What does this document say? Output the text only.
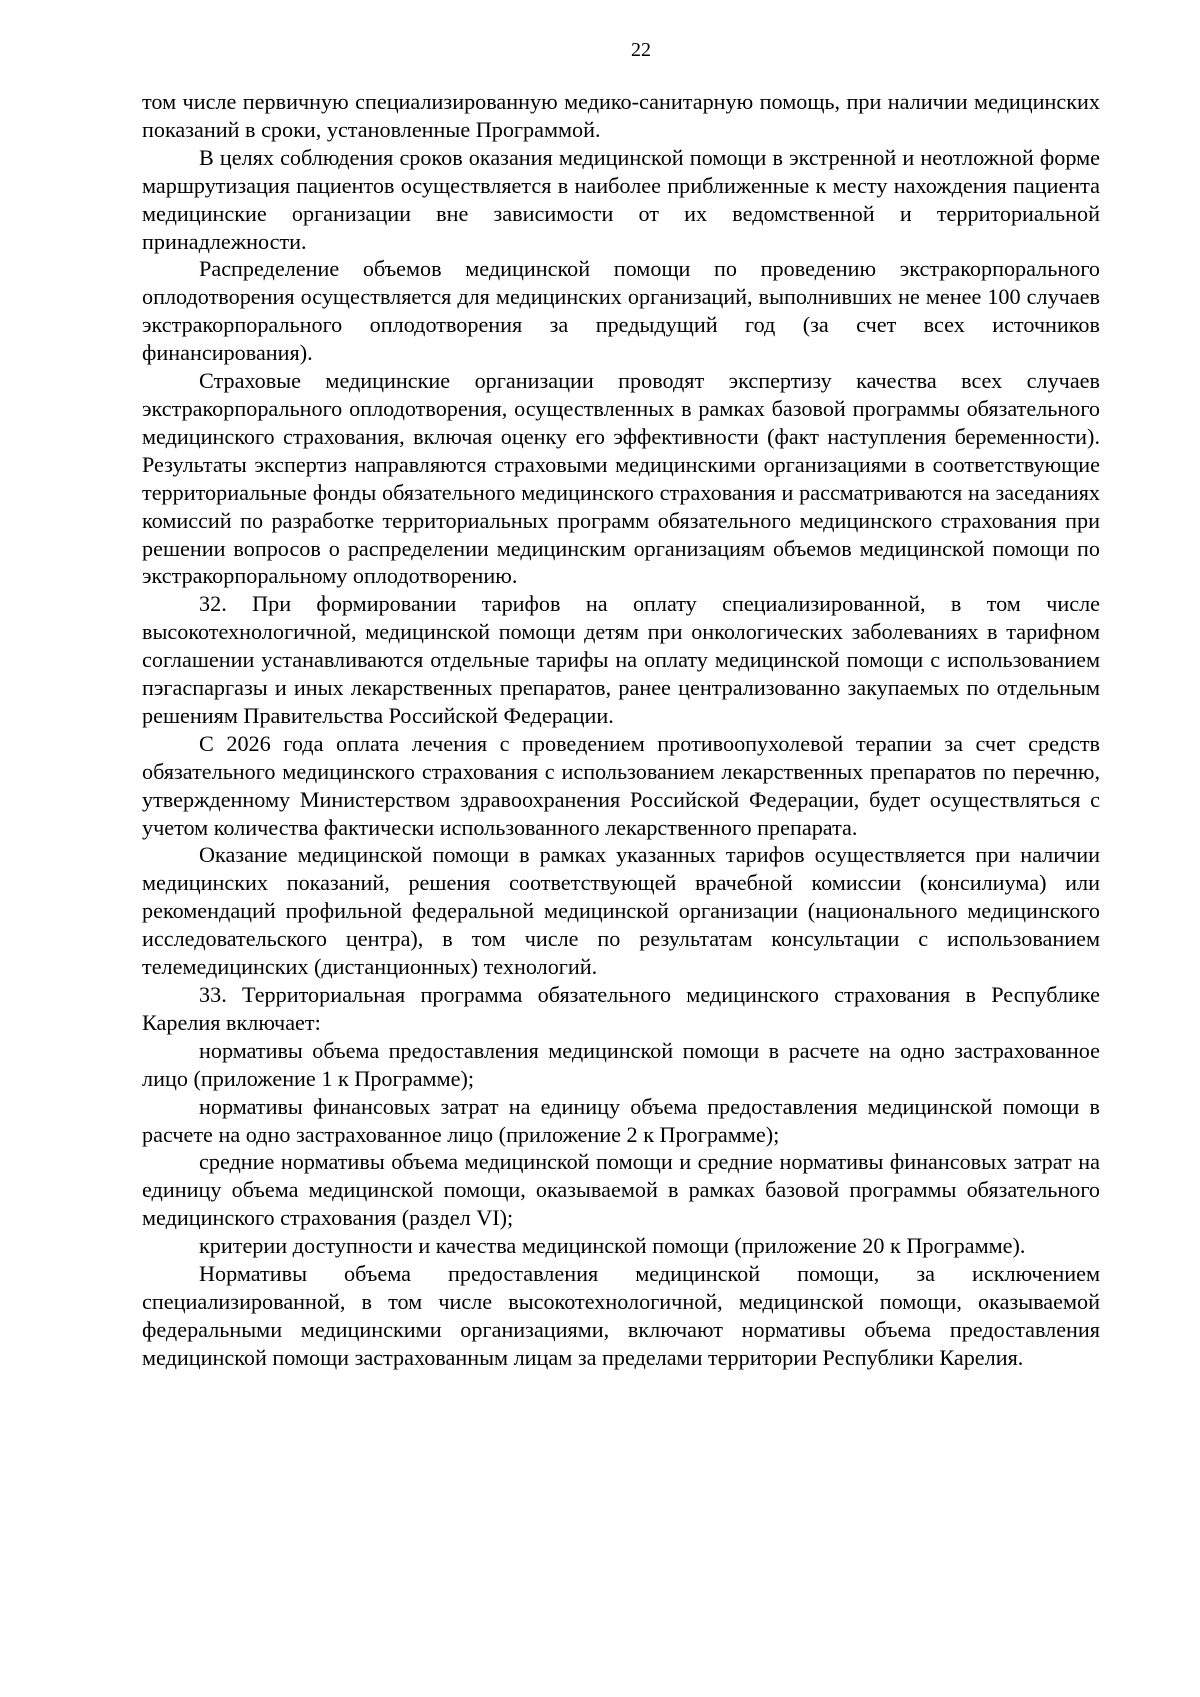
22

том числе первичную специализированную медико-санитарную помощь, при наличии медицинских показаний в сроки, установленные Программой.

В целях соблюдения сроков оказания медицинской помощи в экстренной и неотложной форме маршрутизация пациентов осуществляется в наиболее приближенные к месту нахождения пациента медицинские организации вне зависимости от их ведомственной и территориальной принадлежности.

Распределение объемов медицинской помощи по проведению экстракорпорального оплодотворения осуществляется для медицинских организаций, выполнивших не менее 100 случаев экстракорпорального оплодотворения за предыдущий год (за счет всех источников финансирования).

Страховые медицинские организации проводят экспертизу качества всех случаев экстракорпорального оплодотворения, осуществленных в рамках базовой программы обязательного медицинского страхования, включая оценку его эффективности (факт наступления беременности). Результаты экспертиз направляются страховыми медицинскими организациями в соответствующие территориальные фонды обязательного медицинского страхования и рассматриваются на заседаниях комиссий по разработке территориальных программ обязательного медицинского страхования при решении вопросов о распределении медицинским организациям объемов медицинской помощи по экстракорпоральному оплодотворению.

32. При формировании тарифов на оплату специализированной, в том числе высокотехнологичной, медицинской помощи детям при онкологических заболеваниях в тарифном соглашении устанавливаются отдельные тарифы на оплату медицинской помощи с использованием пэгаспаргазы и иных лекарственных препаратов, ранее централизованно закупаемых по отдельным решениям Правительства Российской Федерации.

С 2026 года оплата лечения с проведением противоопухолевой терапии за счет средств обязательного медицинского страхования с использованием лекарственных препаратов по перечню, утвержденному Министерством здравоохранения Российской Федерации, будет осуществляться с учетом количества фактически использованного лекарственного препарата.

Оказание медицинской помощи в рамках указанных тарифов осуществляется при наличии медицинских показаний, решения соответствующей врачебной комиссии (консилиума) или рекомендаций профильной федеральной медицинской организации (национального медицинского исследовательского центра), в том числе по результатам консультации с использованием телемедицинских (дистанционных) технологий.

33. Территориальная программа обязательного медицинского страхования в Республике Карелия включает:

нормативы объема предоставления медицинской помощи в расчете на одно застрахованное лицо (приложение 1 к Программе);

нормативы финансовых затрат на единицу объема предоставления медицинской помощи в расчете на одно застрахованное лицо (приложение 2 к Программе);

средние нормативы объема медицинской помощи и средние нормативы финансовых затрат на единицу объема медицинской помощи, оказываемой в рамках базовой программы обязательного медицинского страхования (раздел VI);

критерии доступности и качества медицинской помощи (приложение 20 к Программе).

Нормативы объема предоставления медицинской помощи, за исключением специализированной, в том числе высокотехнологичной, медицинской помощи, оказываемой федеральными медицинскими организациями, включают нормативы объема предоставления медицинской помощи застрахованным лицам за пределами территории Республики Карелия.
